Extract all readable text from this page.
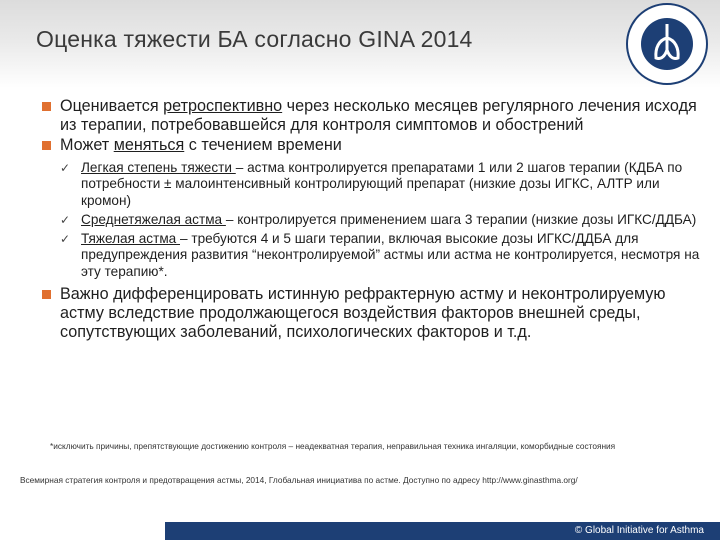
Оценка тяжести БА согласно GINA 2014
Оценивается ретроспективно через несколько месяцев регулярного лечения исходя из терапии, потребовавшейся для контроля симптомов и обострений
Может меняться с течением времени
✓ Легкая степень тяжести – астма контролируется препаратами 1 или 2 шагов терапии (КДБА по потребности ± малоинтенсивный контролирующий препарат (низкие дозы ИГКС, АЛТР или кромон)
✓ Среднетяжелая астма – контролируется применением шага 3 терапии (низкие дозы ИГКС/ДДБА)
✓ Тяжелая астма – требуются 4 и 5 шаги терапии, включая высокие дозы ИГКС/ДДБА для предупреждения развития “неконтролируемой” астмы или астма не контролируется, несмотря на эту терапию*.
Важно дифференцировать истинную рефрактерную астму и неконтролируемую астму вследствие продолжающегося воздействия факторов внешней среды, сопутствующих заболеваний, психологических факторов и т.д.
*исключить причины, препятствующие достижению контроля – неадекватная терапия, неправильная техника ингаляции, коморбидные состояния
Всемирная стратегия контроля и предотвращения астмы, 2014, Глобальная инициатива по астме. Доступно по адресу http://www.ginasthma.org/
© Global Initiative for Asthma
